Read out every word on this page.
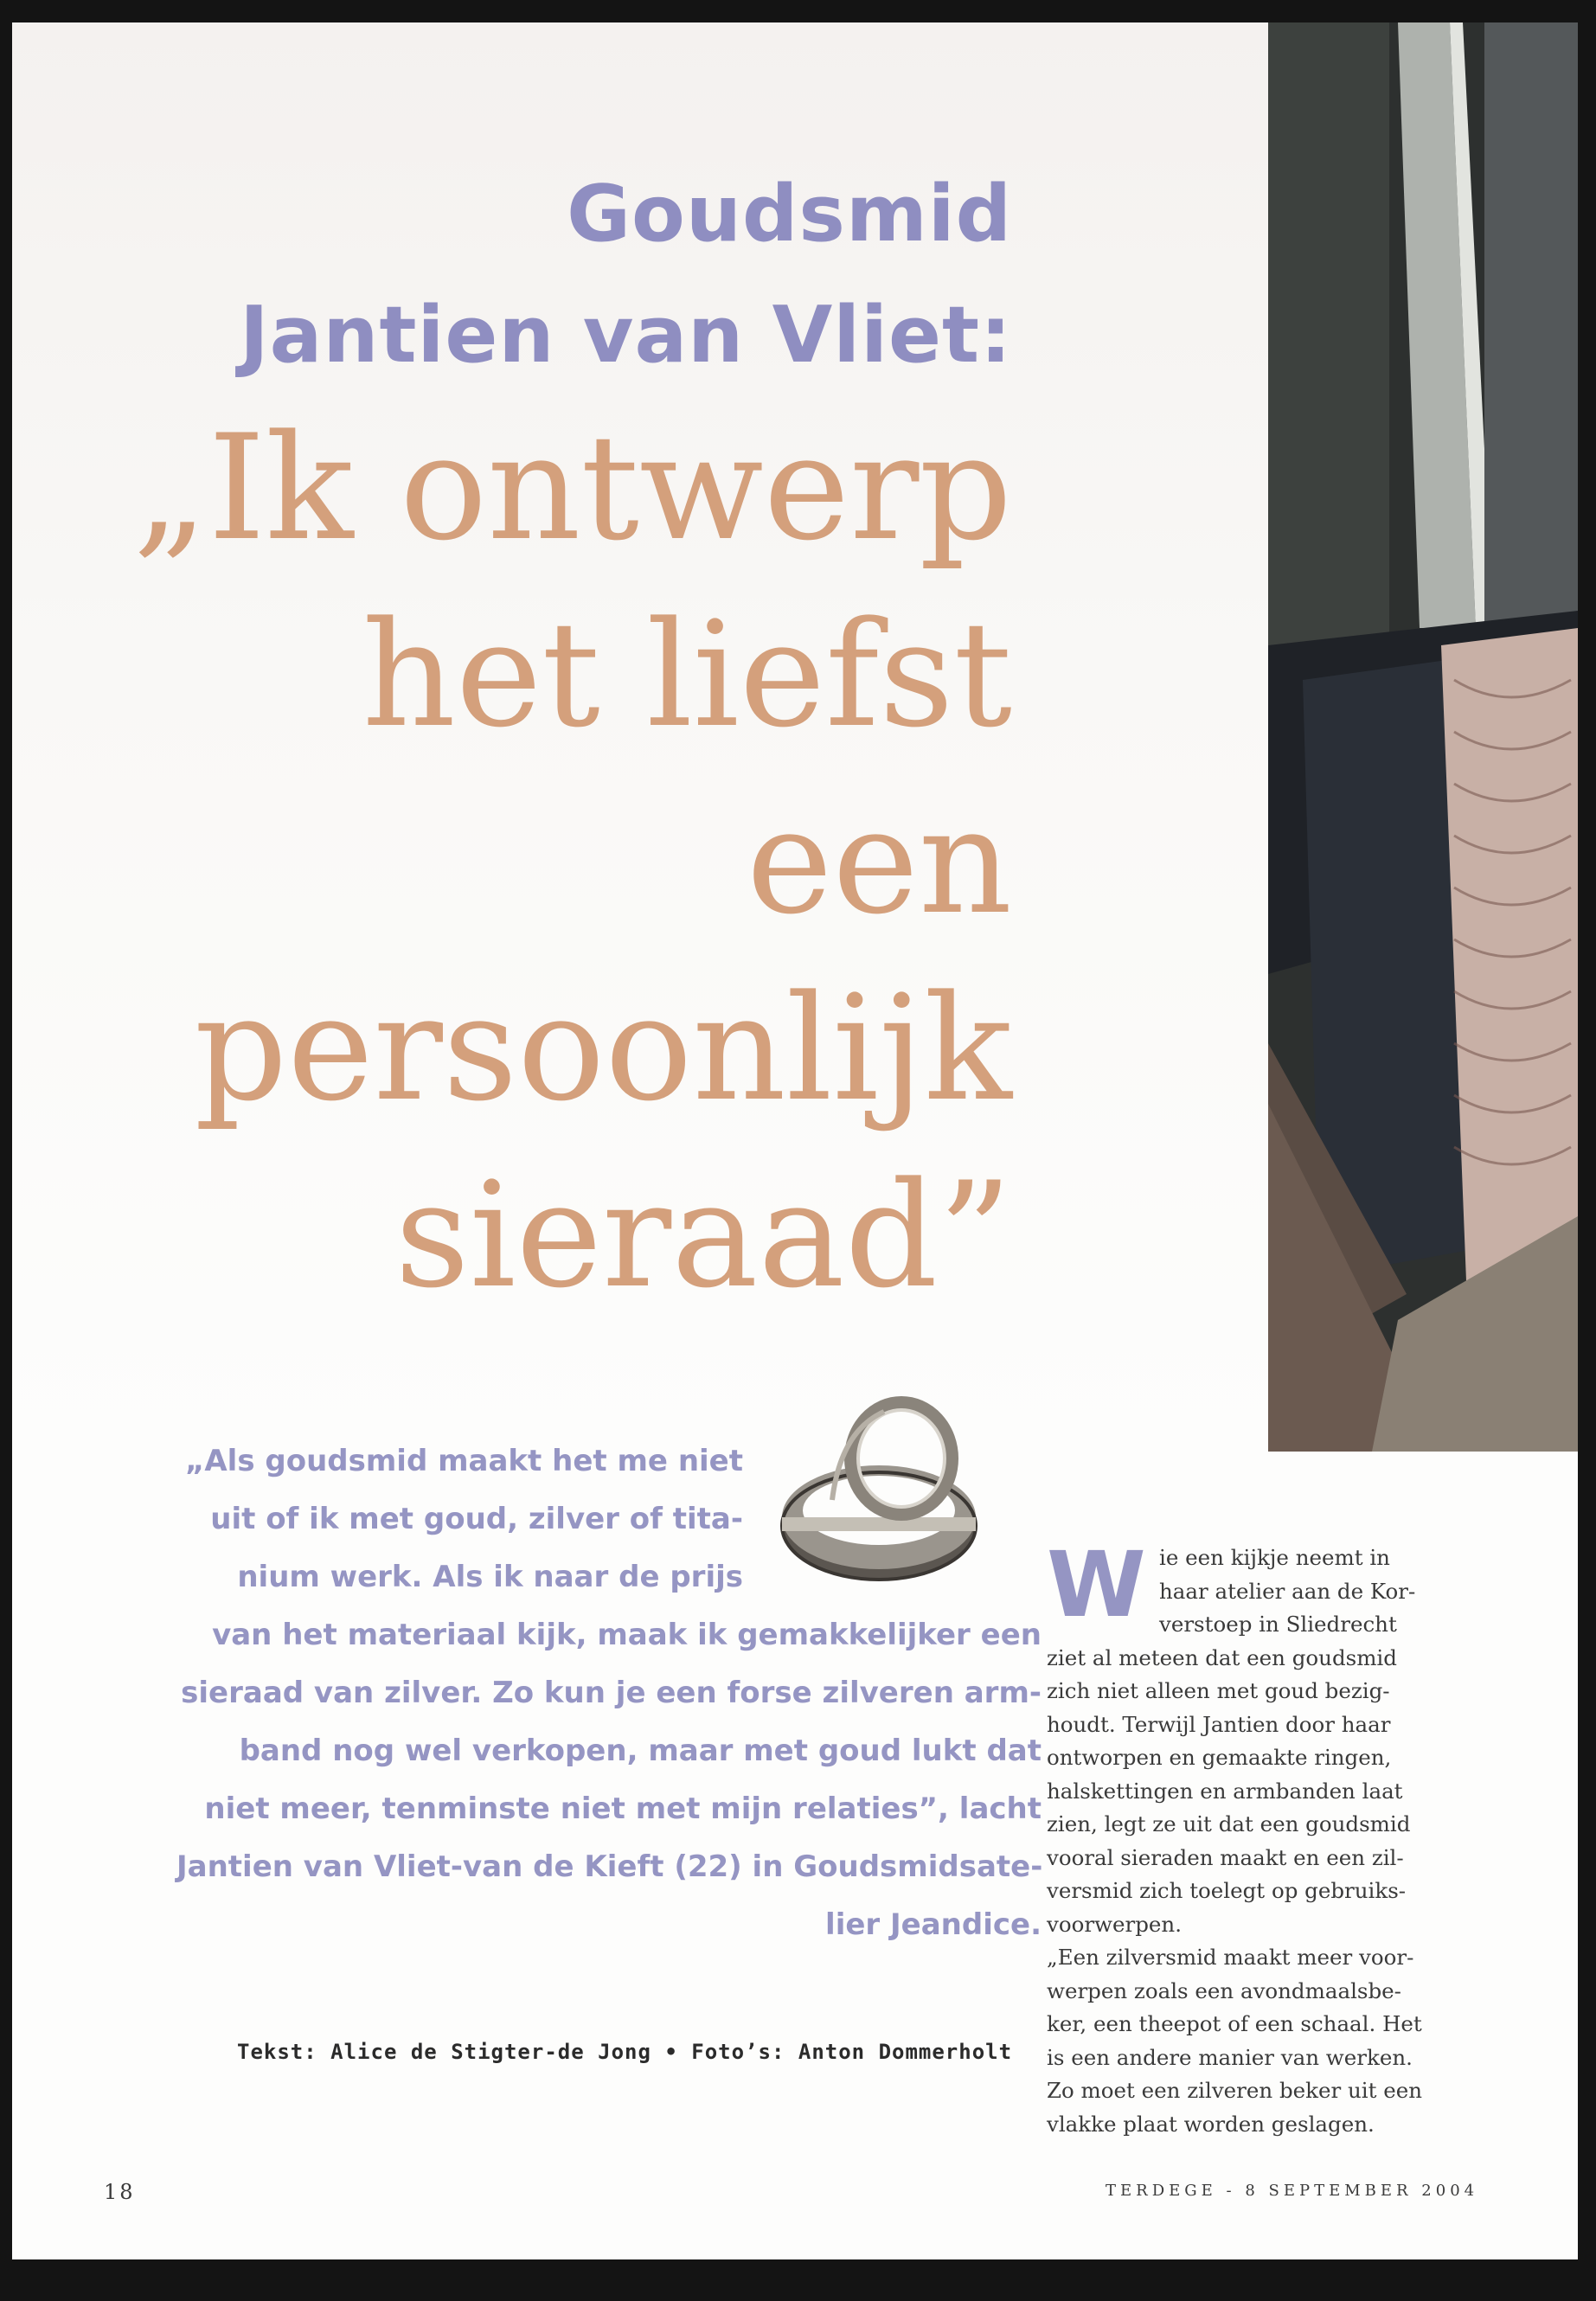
Goudsmid
Jantien van Vliet:
„Ik ontwerp
het liefst
een
persoonlijk
sieraad”
„Als goudsmid maakt het me niet
uit of ik met goud, zilver of tita-
nium werk. Als ik naar de prijs
van het materiaal kijk, maak ik gemakkelijker een
sieraad van zilver. Zo kun je een forse zilveren arm-
band nog wel verkopen, maar met goud lukt dat
niet meer, tenminste niet met mijn relaties”, lacht
Jantien van Vliet-van de Kieft (22) in Goudsmidsate-
lier Jeandice.
Tekst: Alice de Stigter-de Jong • Foto’s: Anton Dommerholt
W ie een kijkje neemt in
haar atelier aan de Kor-
verstoep in Sliedrecht
ziet al meteen dat een goudsmid
zich niet alleen met goud bezig-
houdt. Terwijl Jantien door haar
ontworpen en gemaakte ringen,
halskettingen en armbanden laat
zien, legt ze uit dat een goudsmid
vooral sieraden maakt en een zil-
versmid zich toelegt op gebruiks-
voorwerpen.
„Een zilversmid maakt meer voor-
werpen zoals een avondmaalsbe-
ker, een theepot of een schaal. Het
is een andere manier van werken.
Zo moet een zilveren beker uit een
vlakke plaat worden geslagen.
18	TERDEGE - 8 SEPTEMBER 2004
